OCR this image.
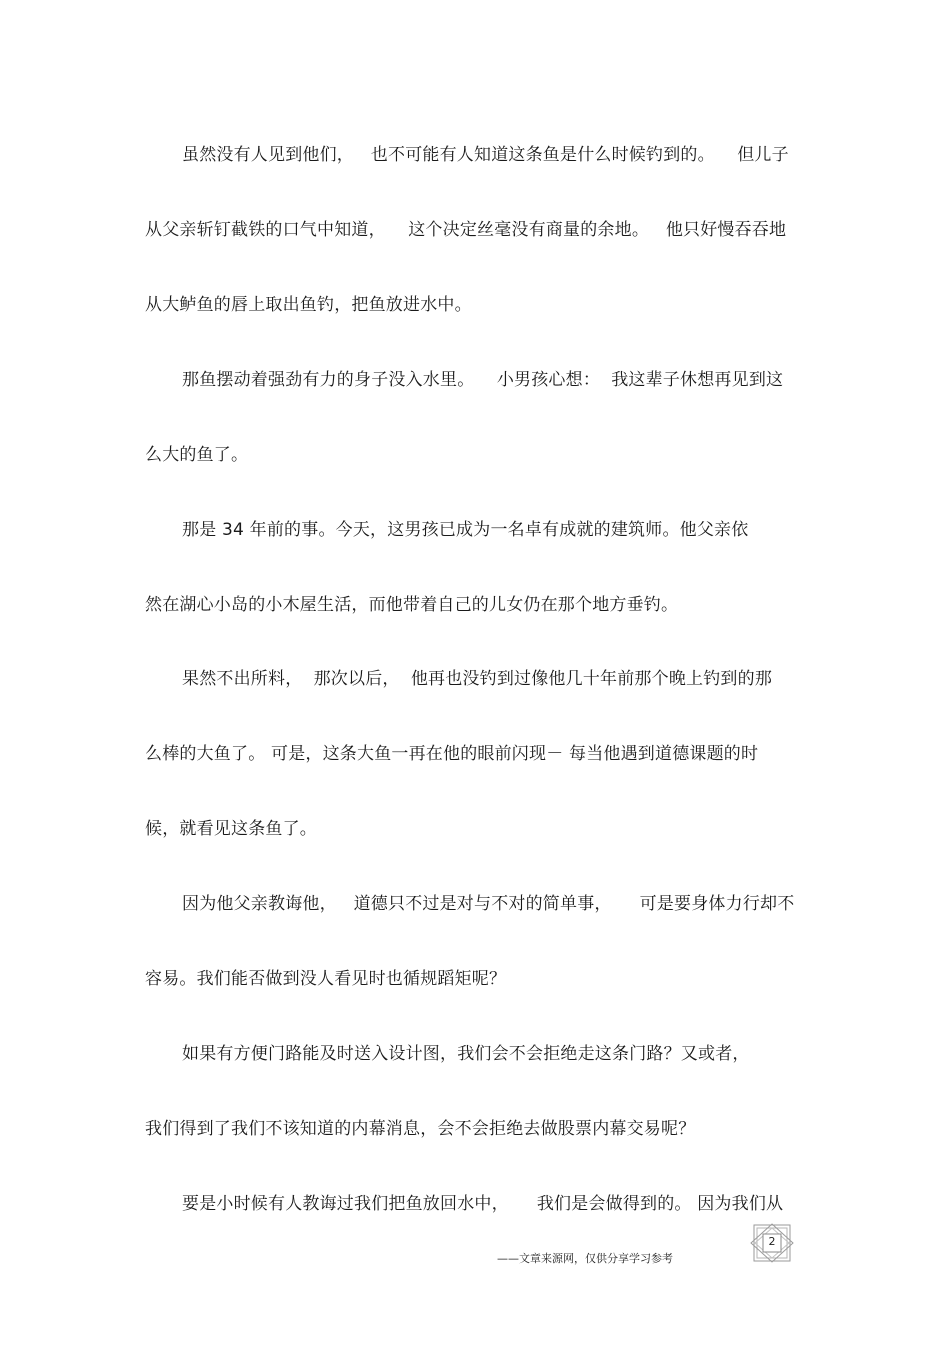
虽然没有人见到他们，   也不可能有人知道这条鱼是什么时候钓到的。    但儿子
从父亲斩钉截铁的口气中知道，    这个决定丝毫没有商量的余地。   他只好慢吞吞地
从大鲈鱼的唇上取出鱼钓，把鱼放进水中。
那鱼摆动着强劲有力的身子没入水里。    小男孩心想：  我这辈子休想再见到这
么大的鱼了。
那是 34 年前的事。今天，这男孩已成为一名卓有成就的建筑师。他父亲依
然在湖心小岛的小木屋生活，而他带着自己的儿女仍在那个地方垂钓。
果然不出所料，  那次以后，  他再也没钓到过像他几十年前那个晚上钓到的那
么棒的大鱼了。 可是，这条大鱼一再在他的眼前闪现－ 每当他遇到道德课题的时
候，就看见这条鱼了。
因为他父亲教诲他，   道德只不过是对与不对的简单事，     可是要身体力行却不
容易。我们能否做到没人看见时也循规蹈矩呢？
如果有方便门路能及时送入设计图，我们会不会拒绝走这条门路？又或者，
我们得到了我们不该知道的内幕消息，会不会拒绝去做股票内幕交易呢？
要是小时候有人教诲过我们把鱼放回水中，     我们是会做得到的。 因为我们从
——文章来源网，仅供分享学习参考
2
